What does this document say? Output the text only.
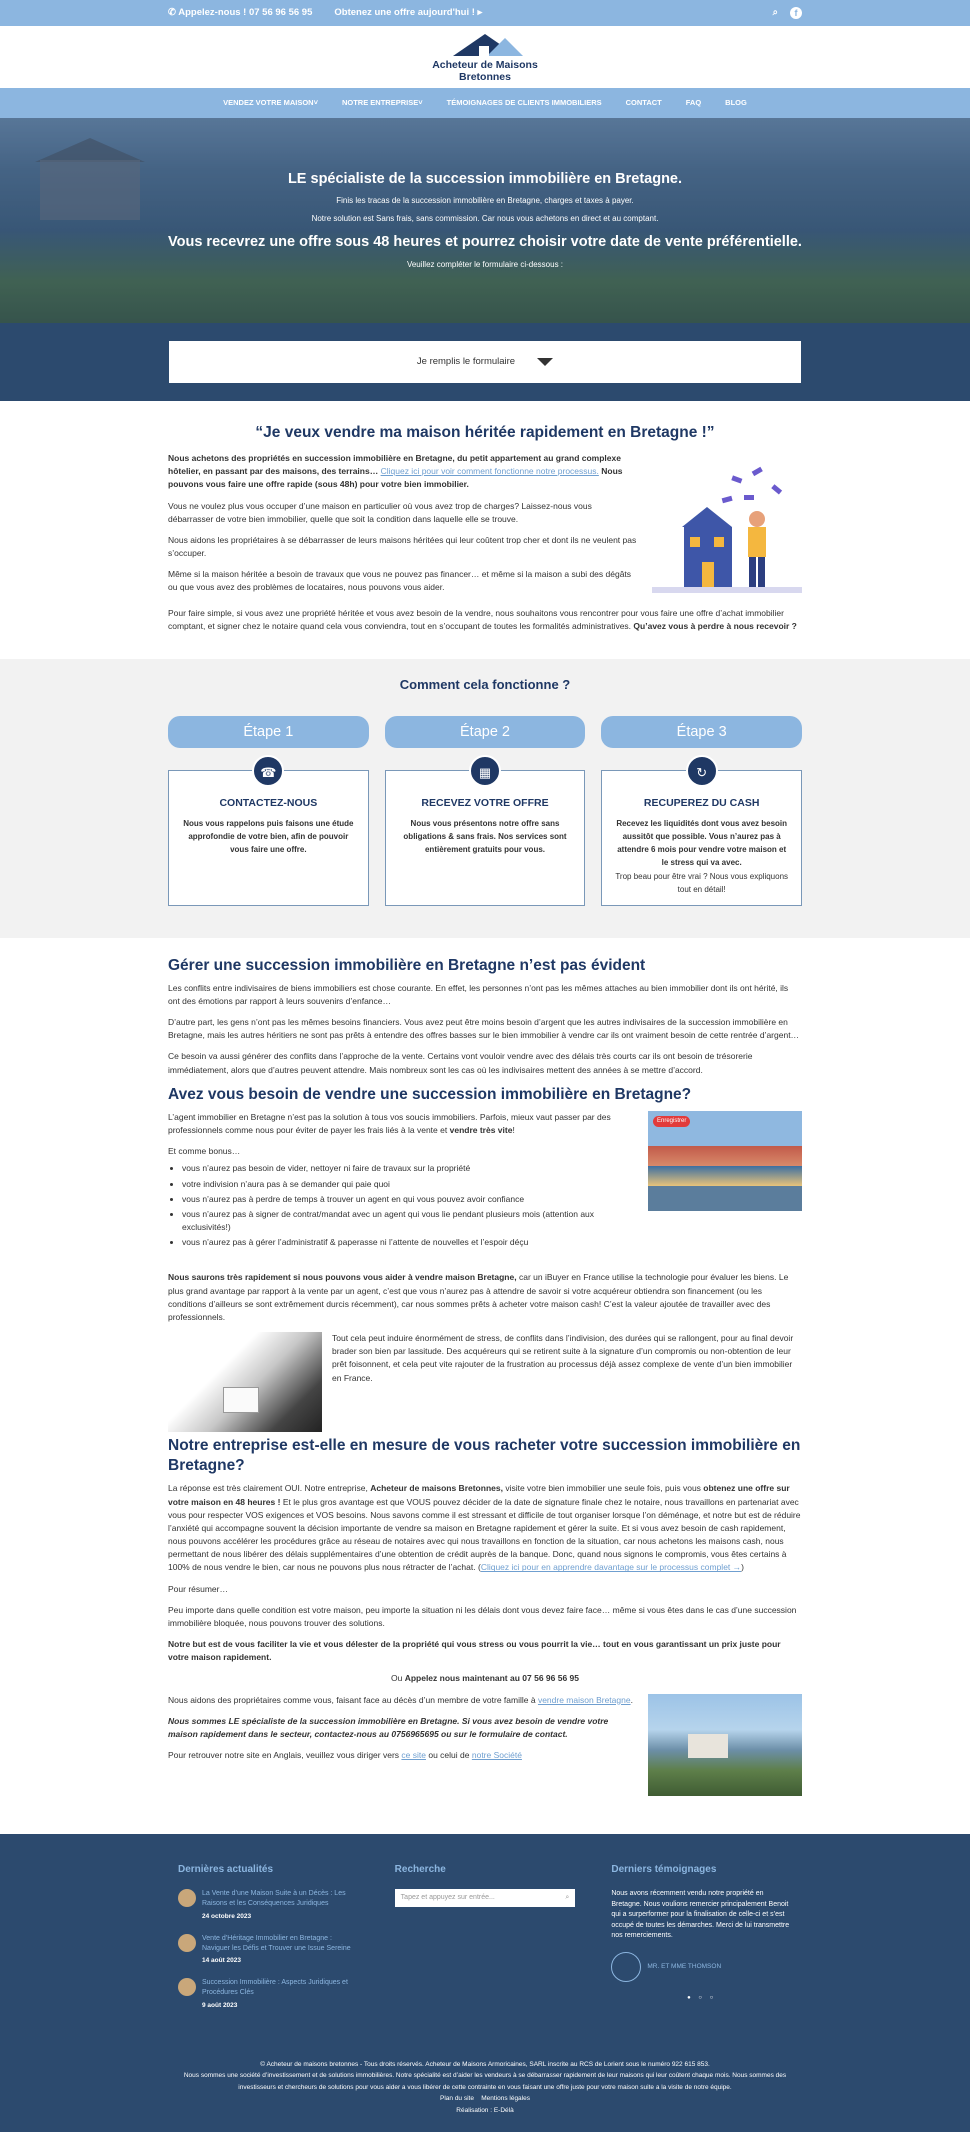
✆ Appelez-nous ! 07 56 96 56 95 Obtenez une offre aujourd'hui ! ▸	⌕	f
Acheteur de Maisons
Bretonnes
VENDEZ VOTRE MAISON˅	NOTRE ENTREPRISE˅	TÉMOIGNAGES DE CLIENTS IMMOBILIERS	CONTACT	FAQ	BLOG
LE spécialiste de la succession immobilière en Bretagne.

Finis les tracas de la succession immobilière en Bretagne, charges et taxes à payer.

Notre solution est Sans frais, sans commission. Car nous vous achetons en direct et au comptant.

Vous recevrez une offre sous 48 heures et pourrez choisir votre date de vente préférentielle.

Veuillez compléter le formulaire ci-dessous :

Je remplis le formulaire
“Je veux vendre ma maison héritée rapidement en Bretagne !”

Nous achetons des propriétés en succession immobilière en Bretagne, du petit appartement au grand complexe hôtelier, en passant par des maisons, des terrains… Cliquez ici pour voir comment fonctionne notre processus. Nous pouvons vous faire une offre rapide (sous 48h) pour votre bien immobilier.

Vous ne voulez plus vous occuper d’une maison en particulier où vous avez trop de charges? Laissez-nous vous débarrasser de votre bien immobilier, quelle que soit la condition dans laquelle elle se trouve.

Nous aidons les propriétaires à se débarrasser de leurs maisons héritées qui leur coûtent trop cher et dont ils ne veulent pas s’occuper.

Même si la maison héritée a besoin de travaux que vous ne pouvez pas financer… et même si la maison a subi des dégâts ou que vous avez des problèmes de locataires, nous pouvons vous aider.

Pour faire simple, si vous avez une propriété héritée et vous avez besoin de la vendre, nous souhaitons vous rencontrer pour vous faire une offre d’achat immobilier comptant, et signer chez le notaire quand cela vous conviendra, tout en s’occupant de toutes les formalités administratives. Qu’avez vous à perdre à nous recevoir ?

Comment cela fonctionne ?
Étape 1
☎
CONTACTEZ-NOUS

Nous vous rappelons puis faisons une étude approfondie de votre bien, afin de pouvoir vous faire une offre.

Étape 2
▦
RECEVEZ VOTRE OFFRE

Nous vous présentons notre offre sans obligations & sans frais. Nos services sont entièrement gratuits pour vous.

Étape 3
↻
RECUPEREZ DU CASH

Recevez les liquidités dont vous avez besoin aussitôt que possible. Vous n’aurez pas à attendre 6 mois pour vendre votre maison et le stress qui va avec.

Trop beau pour être vrai ? Nous vous expliquons tout en détail!

Gérer une succession immobilière en Bretagne n’est pas évident

Les conflits entre indivisaires de biens immobiliers est chose courante. En effet, les personnes n’ont pas les mêmes attaches au bien immobilier dont ils ont hérité, ils ont des émotions par rapport à leurs souvenirs d’enfance…

D’autre part, les gens n’ont pas les mêmes besoins financiers. Vous avez peut être moins besoin d’argent que les autres indivisaires de la succession immobilière en Bretagne, mais les autres héritiers ne sont pas prêts à entendre des offres basses sur le bien immobilier à vendre car ils ont vraiment besoin de cette rentrée d’argent…

Ce besoin va aussi générer des conflits dans l’approche de la vente. Certains vont vouloir vendre avec des délais très courts car ils ont besoin de trésorerie immédiatement, alors que d’autres peuvent attendre. Mais nombreux sont les cas où les indivisaires mettent des années à se mettre d’accord.

Avez vous besoin de vendre une succession immobilière en Bretagne?

L’agent immobilier en Bretagne n’est pas la solution à tous vos soucis immobiliers. Parfois, mieux vaut passer par des professionnels comme nous pour éviter de payer les frais liés à la vente et vendre très vite!

Et comme bonus…

• vous n’aurez pas besoin de vider, nettoyer ni faire de travaux sur la propriété
• votre indivision n’aura pas à se demander qui paie quoi
• vous n’aurez pas à perdre de temps à trouver un agent en qui vous pouvez avoir confiance
• vous n’aurez pas à signer de contrat/mandat avec un agent qui vous lie pendant plusieurs mois (attention aux exclusivités!)
• vous n’aurez pas à gérer l’administratif & paperasse ni l’attente de nouvelles et l’espoir déçu
Enregistrer

Nous saurons très rapidement si nous pouvons vous aider à vendre maison Bretagne, car un iBuyer en France utilise la technologie pour évaluer les biens. Le plus grand avantage par rapport à la vente par un agent, c’est que vous n’aurez pas à attendre de savoir si votre acquéreur obtiendra son financement (ou les conditions d’ailleurs se sont extrêmement durcis récemment), car nous sommes prêts à acheter votre maison cash! C’est la valeur ajoutée de travailler avec des professionnels.

Tout cela peut induire énormément de stress, de conflits dans l’indivision, des durées qui se rallongent, pour au final devoir brader son bien par lassitude. Des acquéreurs qui se retirent suite à la signature d’un compromis ou non-obtention de leur prêt foisonnent, et cela peut vite rajouter de la frustration au processus déjà assez complexe de vente d’un bien immobilier en France.

Notre entreprise est-elle en mesure de vous racheter votre succession immobilière en Bretagne?

La réponse est très clairement OUI. Notre entreprise, Acheteur de maisons Bretonnes, visite votre bien immobilier une seule fois, puis vous obtenez une offre sur votre maison en 48 heures ! Et le plus gros avantage est que VOUS pouvez décider de la date de signature finale chez le notaire, nous travaillons en partenariat avec vous pour respecter VOS exigences et VOS besoins. Nous savons comme il est stressant et difficile de tout organiser lorsque l’on déménage, et notre but est de réduire l’anxiété qui accompagne souvent la décision importante de vendre sa maison en Bretagne rapidement et gérer la suite. Et si vous avez besoin de cash rapidement, nous pouvons accélérer les procédures grâce au réseau de notaires avec qui nous travaillons en fonction de la situation, car nous achetons les maisons cash, nous permettant de nous libérer des délais supplémentaires d’une obtention de crédit auprès de la banque. Donc, quand nous signons le compromis, vous êtes certains à 100% de nous vendre le bien, car nous ne pouvons plus nous rétracter de l’achat. (Cliquez ici pour en apprendre davantage sur le processus complet →)

Pour résumer…

Peu importe dans quelle condition est votre maison, peu importe la situation ni les délais dont vous devez faire face… même si vous êtes dans le cas d’une succession immobilière bloquée, nous pouvons trouver des solutions.

Notre but est de vous faciliter la vie et vous délester de la propriété qui vous stress ou vous pourrit la vie… tout en vous garantissant un prix juste pour votre maison rapidement.

Ou Appelez nous maintenant au 07 56 96 56 95

Nous aidons des propriétaires comme vous, faisant face au décès d’un membre de votre famille à vendre maison Bretagne.

Nous sommes LE spécialiste de la succession immobilière en Bretagne. Si vous avez besoin de vendre votre maison rapidement dans le secteur, contactez-nous au 0756965695 ou sur le formulaire de contact.

Pour retrouver notre site en Anglais, veuillez vous diriger vers ce site ou celui de notre Société

Dernières actualités
La Vente d’une Maison Suite à un Décès : Les Raisons et les Conséquences Juridiques
24 octobre 2023
Vente d’Héritage Immobilier en Bretagne : Naviguer les Défis et Trouver une Issue Sereine
14 août 2023
Succession Immobilière : Aspects Juridiques et Procédures Clés
9 août 2023
Recherche
Tapez et appuyez sur entrée...	⌕
Derniers témoignages

Nous avons récemment vendu notre propriété en Bretagne. Nous voulions remercier principalement Benoit qui a surperformer pour la finalisation de celle-ci et s’est occupé de toutes les démarches. Merci de lui transmettre nos remerciements.

MR. ET MME THOMSON
● ○ ○
© Acheteur de maisons bretonnes - Tous droits réservés. Acheteur de Maisons Armoricaines, SARL inscrite au RCS de Lorient sous le numéro 922 615 853.
Nous sommes une société d’investissement et de solutions immobilières. Notre spécialité est d’aider les vendeurs à se débarrasser rapidement de leur maisons qui leur coûtent chaque mois. Nous sommes des investisseurs et chercheurs de solutions pour vous aider a vous libérer de cette contrainte en vous faisant une offre juste pour votre maison suite a la visite de notre équipe.
Plan du site Mentions légales
Réalisation : E-Délà
